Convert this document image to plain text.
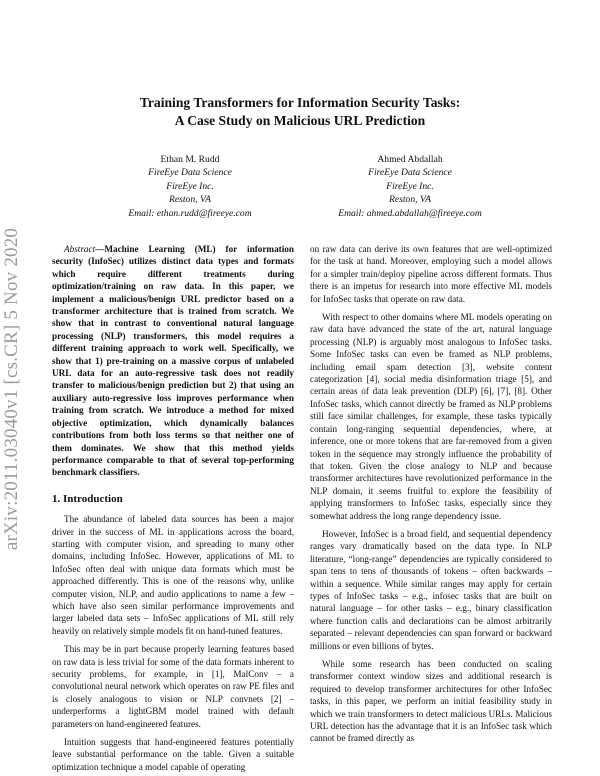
arXiv:2011.03040v1 [cs.CR] 5 Nov 2020
Training Transformers for Information Security Tasks:
A Case Study on Malicious URL Prediction
Ethan M. Rudd
FireEye Data Science
FireEye Inc.
Reston, VA
Email: ethan.rudd@fireeye.com
Ahmed Abdallah
FireEye Data Science
FireEye Inc.
Reston, VA
Email: ahmed.abdallah@fireeye.com

Abstract—Machine Learning (ML) for information security (InfoSec) utilizes distinct data types and formats which require different treatments during optimization/training on raw data. In this paper, we implement a malicious/benign URL predictor based on a transformer architecture that is trained from scratch. We show that in contrast to conventional natural language processing (NLP) transformers, this model requires a different training approach to work well. Specifically, we show that 1) pre-training on a massive corpus of unlabeled URL data for an auto-regressive task does not readily transfer to malicious/benign prediction but 2) that using an auxiliary auto-regressive loss improves performance when training from scratch. We introduce a method for mixed objective optimization, which dynamically balances contributions from both loss terms so that neither one of them dominates. We show that this method yields performance comparable to that of several top-performing benchmark classifiers.

1. Introduction

The abundance of labeled data sources has been a major driver in the success of ML in applications across the board, starting with computer vision, and spreading to many other domains, including InfoSec. However, applications of ML to InfoSec often deal with unique data formats which must be approached differently. This is one of the reasons why, unlike computer vision, NLP, and audio applications to name a few – which have also seen similar performance improvements and larger labeled data sets – InfoSec applications of ML still rely heavily on relatively simple models fit on hand-tuned features.

This may be in part because properly learning features based on raw data is less trivial for some of the data formats inherent to security problems, for example, in [1], MalConv – a convolutional neural network which operates on raw PE files and is closely analogous to vision or NLP convnets [2] – underperforms a lightGBM model trained with default parameters on hand-engineered features.

Intuition suggests that hand-engineered features potentially leave substantial performance on the table. Given a suitable optimization technique a model capable of operating

on raw data can derive its own features that are well-optimized for the task at hand. Moreover, employing such a model allows for a simpler train/deploy pipeline across different formats. Thus there is an impetus for research into more effective ML models for InfoSec tasks that operate on raw data.

With respect to other domains where ML models operating on raw data have advanced the state of the art, natural language processing (NLP) is arguably most analogous to InfoSec tasks. Some InfoSec tasks can even be framed as NLP problems, including email spam detection [3], website content categorization [4], social media disinformation triage [5], and certain areas of data leak prevention (DLP) [6], [7], [8]. Other InfoSec tasks, which cannot directly be framed as NLP problems still face similar challenges, for example, these tasks typically contain long-ranging sequential dependencies, where, at inference, one or more tokens that are far-removed from a given token in the sequence may strongly influence the probability of that token. Given the close analogy to NLP and because transformer architectures have revolutionized performance in the NLP domain, it seems fruitful to explore the feasibility of applying transformers to InfoSec tasks, especially since they somewhat address the long range dependency issue.

However, InfoSec is a broad field, and sequential dependency ranges vary dramatically based on the data type. In NLP literature, “long-range” dependencies are typically considered to span tens to tens of thousands of tokens – often backwards – within a sequence. While similar ranges may apply for certain types of InfoSec tasks – e.g., infosec tasks that are built on natural language – for other tasks – e.g., binary classification where function calls and declarations can be almost arbitrarily separated – relevant dependencies can span forward or backward millions or even billions of bytes.

While some research has been conducted on scaling transformer context window sizes and additional research is required to develop transformer architectures for other InfoSec tasks, in this paper, we perform an initial feasibility study in which we train transformers to detect malicious URLs. Malicious URL detection has the advantage that it is an InfoSec task which cannot be framed directly as
